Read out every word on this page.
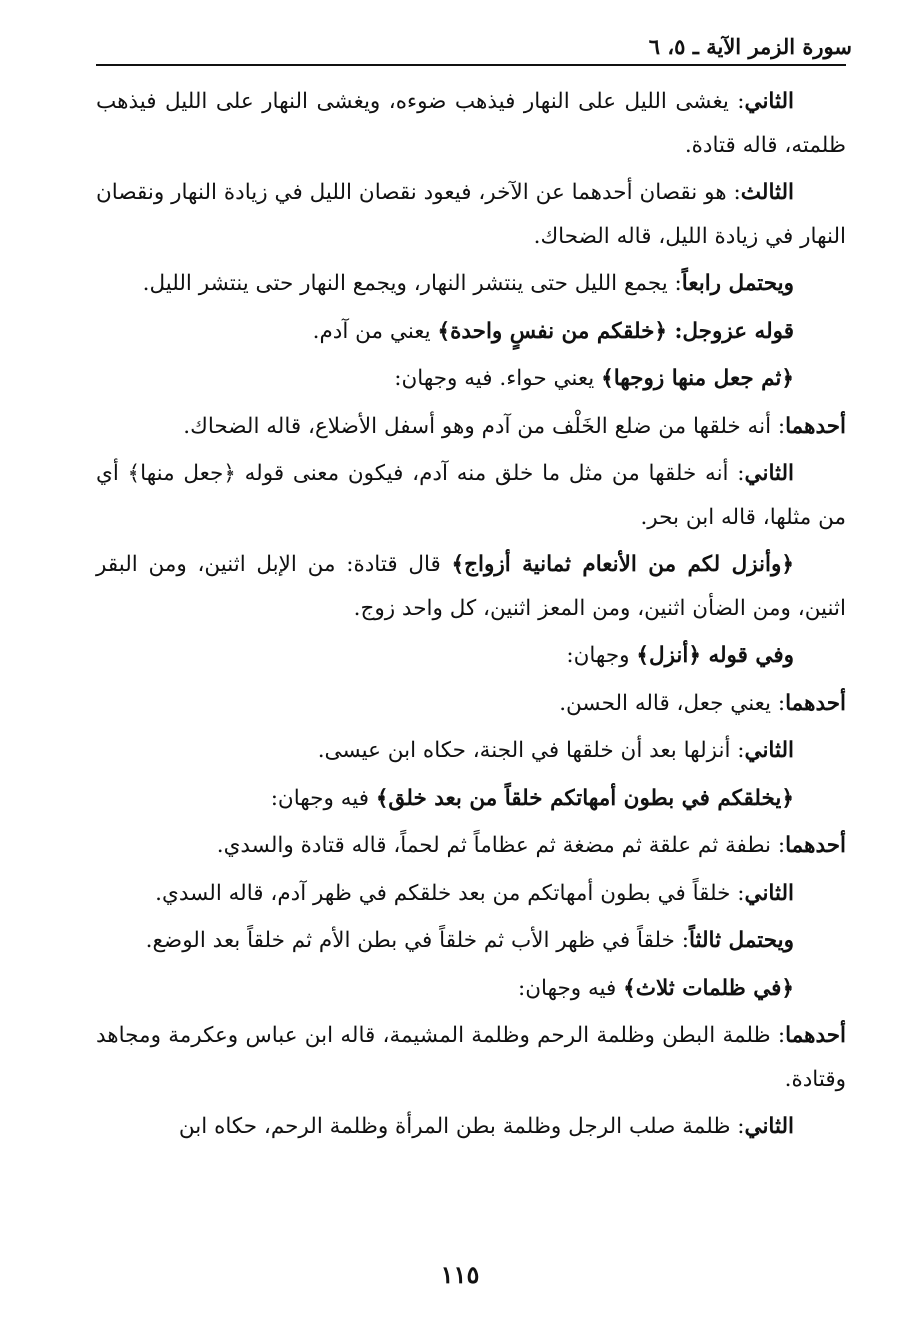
سورة الزمر الآية ـ ٥، ٦

الثاني: يغشى الليل على النهار فيذهب ضوءه، ويغشى النهار على الليل فيذهب ظلمته، قاله قتادة.

الثالث: هو نقصان أحدهما عن الآخر، فيعود نقصان الليل في زيادة النهار ونقصان النهار في زيادة الليل، قاله الضحاك.

ويحتمل رابعاً: يجمع الليل حتى ينتشر النهار، ويجمع النهار حتى ينتشر الليل.

قوله عزوجل: ﴿خلقكم من نفسٍ واحدة﴾ يعني من آدم.

﴿ثم جعل منها زوجها﴾ يعني حواء. فيه وجهان:

أحدهما: أنه خلقها من ضلع الخَلْف من آدم وهو أسفل الأضلاع، قاله الضحاك.

الثاني: أنه خلقها من مثل ما خلق منه آدم، فيكون معنى قوله ﴿جعل منها﴾ أي من مثلها، قاله ابن بحر.

﴿وأنزل لكم من الأنعام ثمانية أزواج﴾ قال قتادة: من الإبل اثنين، ومن البقر اثنين، ومن الضأن اثنين، ومن المعز اثنين، كل واحد زوج.

وفي قوله ﴿أنزل﴾ وجهان:

أحدهما: يعني جعل، قاله الحسن.

الثاني: أنزلها بعد أن خلقها في الجنة، حكاه ابن عيسى.

﴿يخلقكم في بطون أمهاتكم خلقاً من بعد خلق﴾ فيه وجهان:

أحدهما: نطفة ثم علقة ثم مضغة ثم عظاماً ثم لحماً، قاله قتادة والسدي.

الثاني: خلقاً في بطون أمهاتكم من بعد خلقكم في ظهر آدم، قاله السدي.

ويحتمل ثالثاً: خلقاً في ظهر الأب ثم خلقاً في بطن الأم ثم خلقاً بعد الوضع.

﴿في ظلمات ثلاث﴾ فيه وجهان:

أحدهما: ظلمة البطن وظلمة الرحم وظلمة المشيمة، قاله ابن عباس وعكرمة ومجاهد وقتادة.

الثاني: ظلمة صلب الرجل وظلمة بطن المرأة وظلمة الرحم، حكاه ابن

١١٥
